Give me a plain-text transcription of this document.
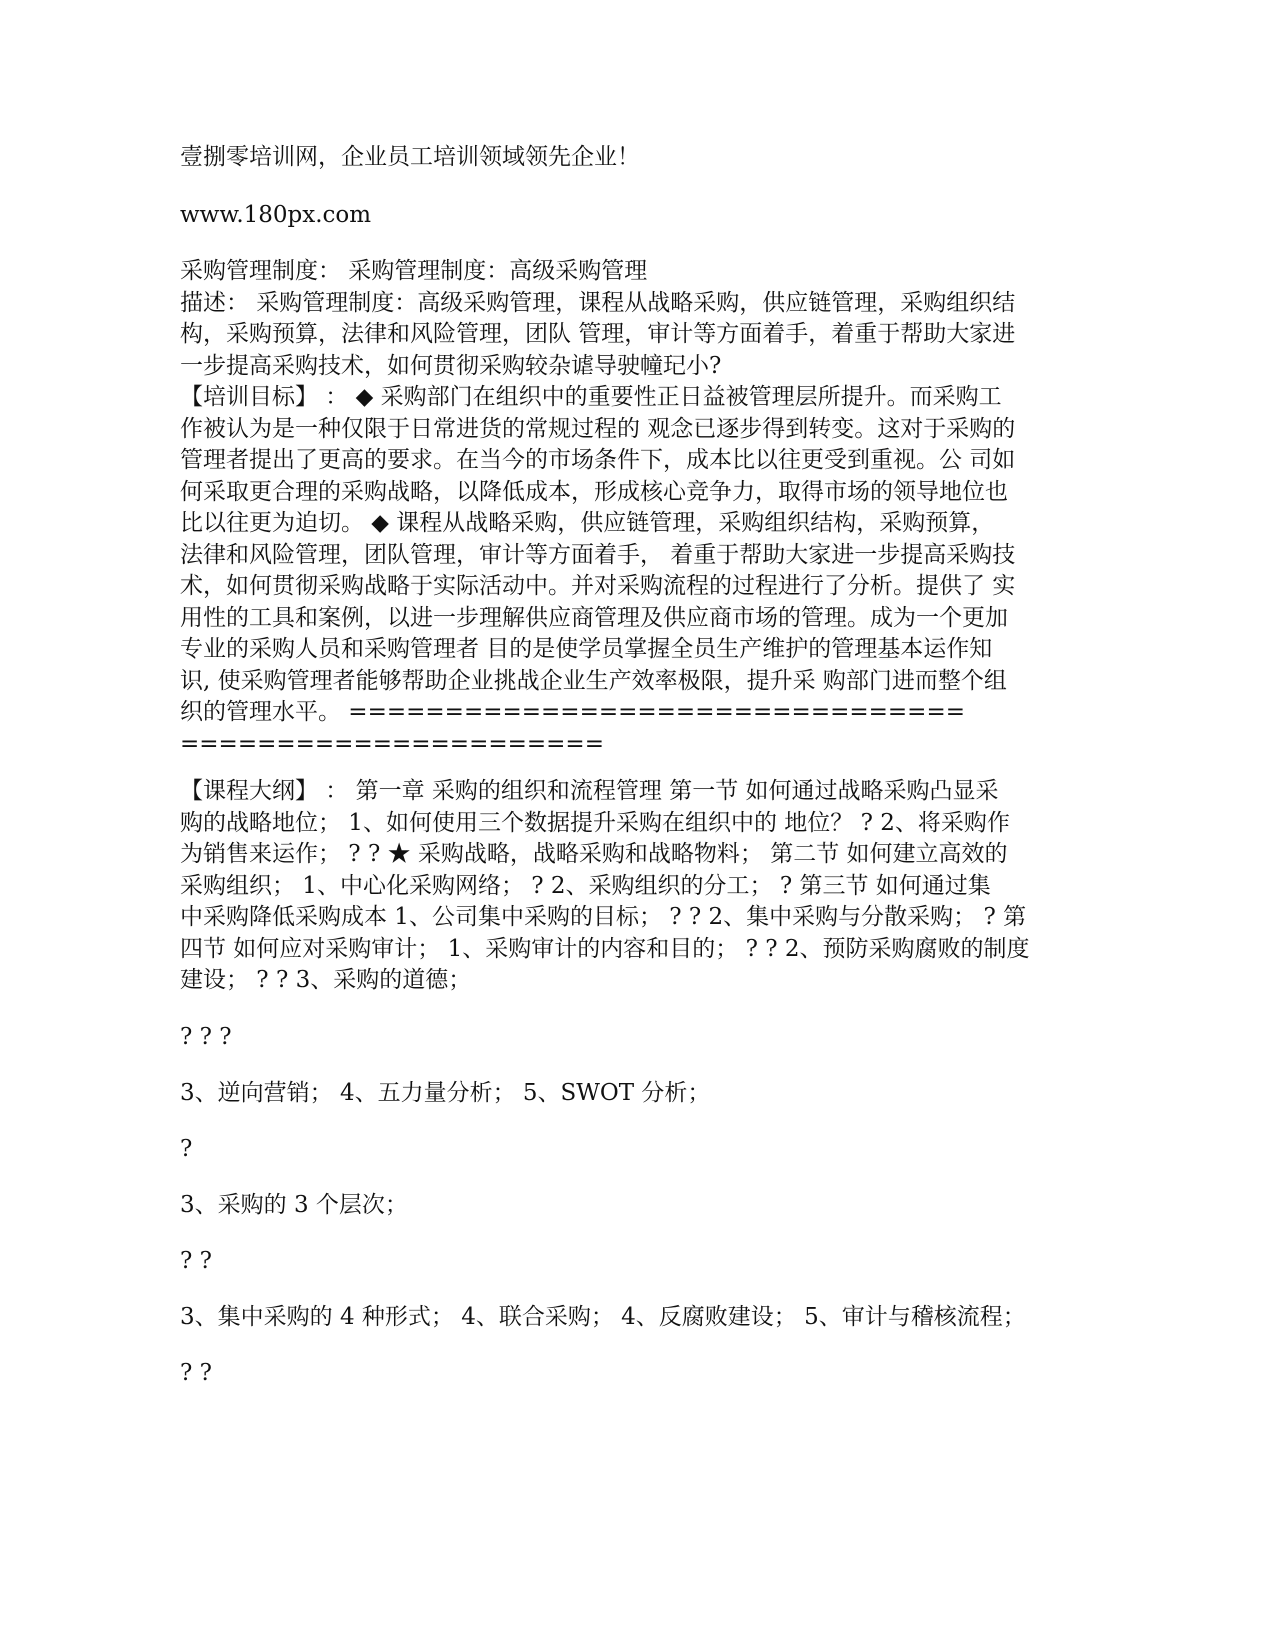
壹捌零培训网，企业员工培训领域领先企业！

www.180px.com

采购管理制度： 采购管理制度：高级采购管理
描述： 采购管理制度：高级采购管理，课程从战略采购，供应链管理，采购组织结
构，采购预算，法律和风险管理，团队 管理，审计等方面着手，着重于帮助大家进
一步提高采购技术，如何贯彻采购较杂谑导驶幢玘小?
【培训目标】 ： ◆ 采购部门在组织中的重要性正日益被管理层所提升。而采购工
作被认为是一种仅限于日常进货的常规过程的 观念已逐步得到转变。这对于采购的
管理者提出了更高的要求。在当今的市场条件下，成本比以往更受到重视。公 司如
何采取更合理的采购战略，以降低成本，形成核心竞争力，取得市场的领导地位也
比以往更为迫切。 ◆ 课程从战略采购，供应链管理，采购组织结构，采购预算，
法律和风险管理，团队管理，审计等方面着手， 着重于帮助大家进一步提高采购技
术，如何贯彻采购战略于实际活动中。并对采购流程的过程进行了分析。提供了 实
用性的工具和案例，以进一步理解供应商管理及供应商市场的管理。成为一个更加
专业的采购人员和采购管理者 目的是使学员掌握全员生产维护的管理基本运作知
识, 使采购管理者能够帮助企业挑战企业生产效率极限，提升采 购部门进而整个组
织的管理水平。 ================================
======================
【课程大纲】 ： 第一章 采购的组织和流程管理 第一节 如何通过战略采购凸显采
购的战略地位； 1、如何使用三个数据提升采购在组织中的 地位？ ? 2、将采购作
为销售来运作； ? ? ★ 采购战略，战略采购和战略物料； 第二节 如何建立高效的
采购组织； 1、中心化采购网络； ? 2、采购组织的分工； ? 第三节 如何通过集
中采购降低采购成本 1、公司集中采购的目标； ? ? 2、集中采购与分散采购； ? 第
四节 如何应对采购审计； 1、采购审计的内容和目的； ? ? 2、预防采购腐败的制度
建设； ? ? 3、采购的道德；

? ? ?

3、逆向营销； 4、五力量分析； 5、SWOT 分析；

?

3、采购的 3 个层次；

? ?

3、集中采购的 4 种形式； 4、联合采购； 4、反腐败建设； 5、审计与稽核流程；

? ?
